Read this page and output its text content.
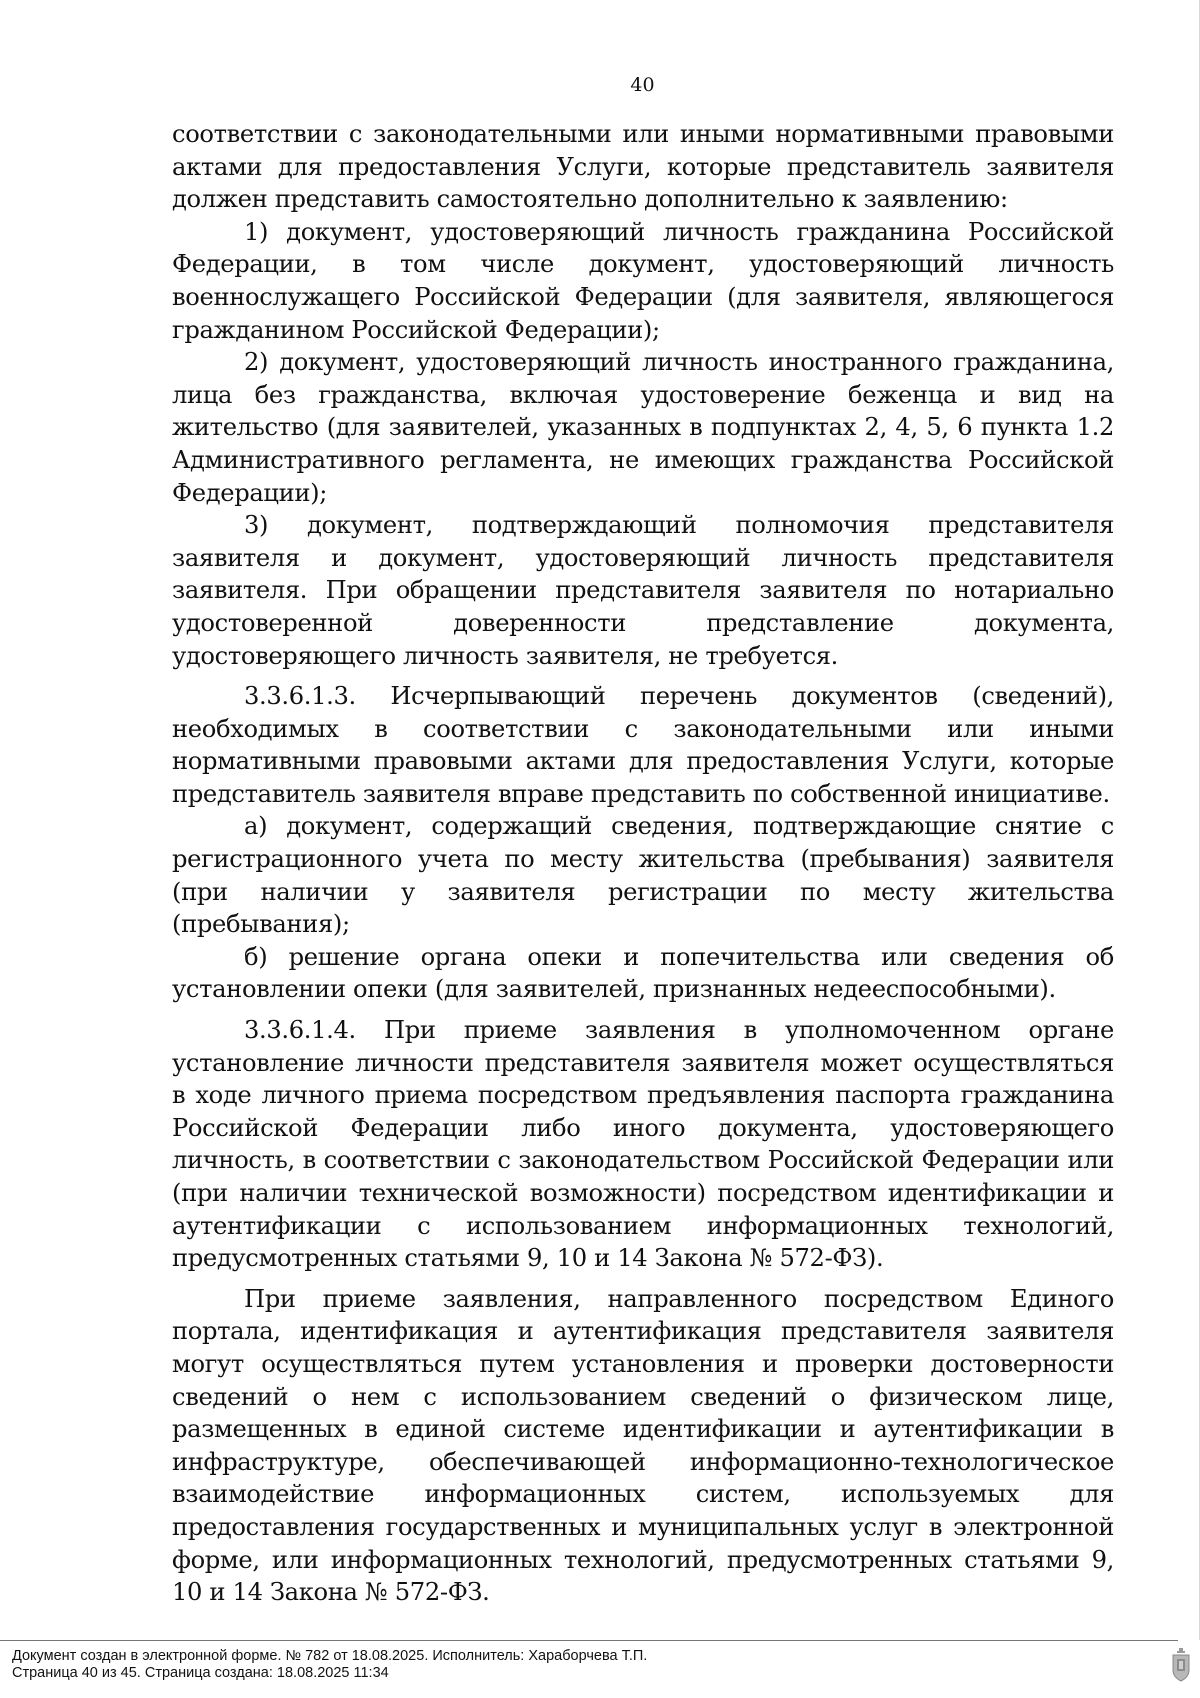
40

соответствии с законодательными или иными нормативными правовыми актами для предоставления Услуги, которые представитель заявителя должен представить самостоятельно дополнительно к заявлению:

1) документ, удостоверяющий личность гражданина Российской Федерации, в том числе документ, удостоверяющий личность военнослужащего Российской Федерации (для заявителя, являющегося гражданином Российской Федерации);

2) документ, удостоверяющий личность иностранного гражданина, лица без гражданства, включая удостоверение беженца и вид на жительство (для заявителей, указанных в подпунктах 2, 4, 5, 6 пункта 1.2 Административного регламента, не имеющих гражданства Российской Федерации);

3) документ, подтверждающий полномочия представителя заявителя и документ, удостоверяющий личность представителя заявителя. При обращении представителя заявителя по нотариально удостоверенной доверенности представление документа, удостоверяющего личность заявителя, не требуется.

3.3.6.1.3. Исчерпывающий перечень документов (сведений), необходимых в соответствии с законодательными или иными нормативными правовыми актами для предоставления Услуги, которые представитель заявителя вправе представить по собственной инициативе.

а) документ, содержащий сведения, подтверждающие снятие с регистрационного учета по месту жительства (пребывания) заявителя (при наличии у заявителя регистрации по месту жительства (пребывания);

б) решение органа опеки и попечительства или сведения об установлении опеки (для заявителей, признанных недееспособными).

3.3.6.1.4. При приеме заявления в уполномоченном органе установление личности представителя заявителя может осуществляться в ходе личного приема посредством предъявления паспорта гражданина Российской Федерации либо иного документа, удостоверяющего личность, в соответствии с законодательством Российской Федерации или (при наличии технической возможности) посредством идентификации и аутентификации с использованием информационных технологий, предусмотренных статьями 9, 10 и 14 Закона № 572-ФЗ).

При приеме заявления, направленного посредством Единого портала, идентификация и аутентификация представителя заявителя могут осуществляться путем установления и проверки достоверности сведений о нем с использованием сведений о физическом лице, размещенных в единой системе идентификации и аутентификации в инфраструктуре, обеспечивающей информационно-технологическое взаимодействие информационных систем, используемых для предоставления государственных и муниципальных услуг в электронной форме, или информационных технологий, предусмотренных статьями 9, 10 и 14 Закона № 572-ФЗ.

Документ создан в электронной форме. № 782 от 18.08.2025. Исполнитель: Хараборчева Т.П.
Страница 40 из 45. Страница создана: 18.08.2025 11:34
